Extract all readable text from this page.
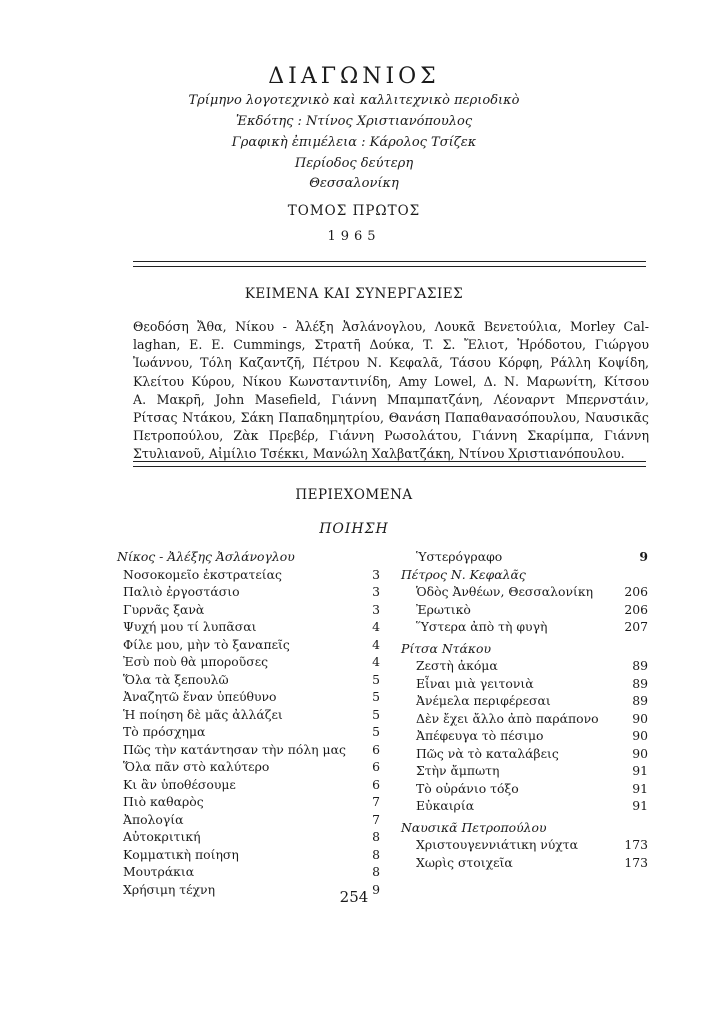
ΔΙΑΓΩΝΙΟΣ
Τρίμηνο λογοτεχνικὸ καὶ καλλιτεχνικὸ περιοδικὸ
Ἐκδότης : Ντίνος Χριστιανόπουλος
Γραφικὴ ἐπιμέλεια : Κάρολος Τσίζεκ
Περίοδος δεύτερη
Θεσσαλονίκη
ΤΟΜΟΣ ΠΡΩΤΟΣ
1965
ΚΕΙΜΕΝΑ ΚΑΙ ΣΥΝΕΡΓΑΣΙΕΣ
Θεοδόση Ἄθα, Νίκου - Ἀλέξη Ἀσλάνογλου, Λουκᾶ Βενετούλια, Morley Cal-
laghan, E. E. Cummings, Στρατῆ Δούκα, T. Σ. Ἔλιοτ, Ἡρόδοτου, Γιώργου
Ἰωάννου, Τόλη Καζαντζῆ, Πέτρου Ν. Κεφαλᾶ, Τάσου Κόρφη, Ράλλη Κοψίδη,
Κλείτου Κύρου, Νίκου Κωνσταντινίδη, Amy Lowel, Δ. Ν. Μαρωνίτη, Κίτσου
Α. Μακρῆ, John Masefield, Γιάννη Μπαμπατζάνη, Λέοναρντ Μπερνστάιν,
Ρίτσας Ντάκου, Σάκη Παπαδημητρίου, Θανάση Παπαθανασόπουλου, Ναυσικᾶς
Πετροπούλου, Ζὰκ Πρεβέρ, Γιάννη Ρωσολάτου, Γιάννη Σκαρίμπα, Γιάννη
Στυλιανοῦ, Αἰμίλιο Τσέκκι, Μανώλη Χαλβατζάκη, Ντίνου Χριστιανόπουλου.
ΠΕΡΙΕΧΟΜΕΝΑ
ΠΟΙΗΣΗ
Νίκος - Ἀλέξης Ἀσλάνογλου
Νοσοκομεῖο ἐκστρατείας	3
Παλιὸ ἐργοστάσιο	3
Γυρνᾶς ξανὰ	3
Ψυχή μου τί λυπᾶσαι	4
Φίλε μου, μὴν τὸ ξαναπεῖς	4
Ἐσὺ ποὺ θὰ μποροῦσες	4
Ὅλα τὰ ξεπουλῶ	5
Ἀναζητῶ ἕναν ὑπεύθυνο	5
Ἡ ποίηση δὲ μᾶς ἀλλάζει	5
Τὸ πρόσχημα	5
Πῶς τὴν κατάντησαν τὴν πόλη μας 6
Ὅλα πᾶν στὸ καλύτερο	6
Κι ἂν ὑποθέσουμε	6
Πιὸ καθαρὸς	7
Ἀπολογία	7
Αὐτοκριτική	8
Κομματικὴ ποίηση	8
Μουτράκια	8
Χρήσιμη τέχνη	9
Ὑστερόγραφο	9
Πέτρος Ν. Κεφαλᾶς
Ὁδὸς Ἀνθέων, Θεσσαλονίκη	206
Ἐρωτικὸ	206
Ὕστερα ἀπὸ τὴ φυγὴ	207
Ρίτσα Ντάκου
Ζεστὴ ἀκόμα	89
Εἶναι μιὰ γειτονιὰ	89
Ἀνέμελα περιφέρεσαι	89
Δὲν ἔχει ἄλλο ἀπὸ παράπονο	90
Ἀπέφευγα τὸ πέσιμο	90
Πῶς νὰ τὸ καταλάβεις	90
Στὴν ἄμπωτη	91
Τὸ οὐράνιο τόξο	91
Εὐκαιρία	91
Ναυσικᾶ Πετροπούλου
Χριστουγεννιάτικη νύχτα	173
Χωρὶς στοιχεῖα	173
254
